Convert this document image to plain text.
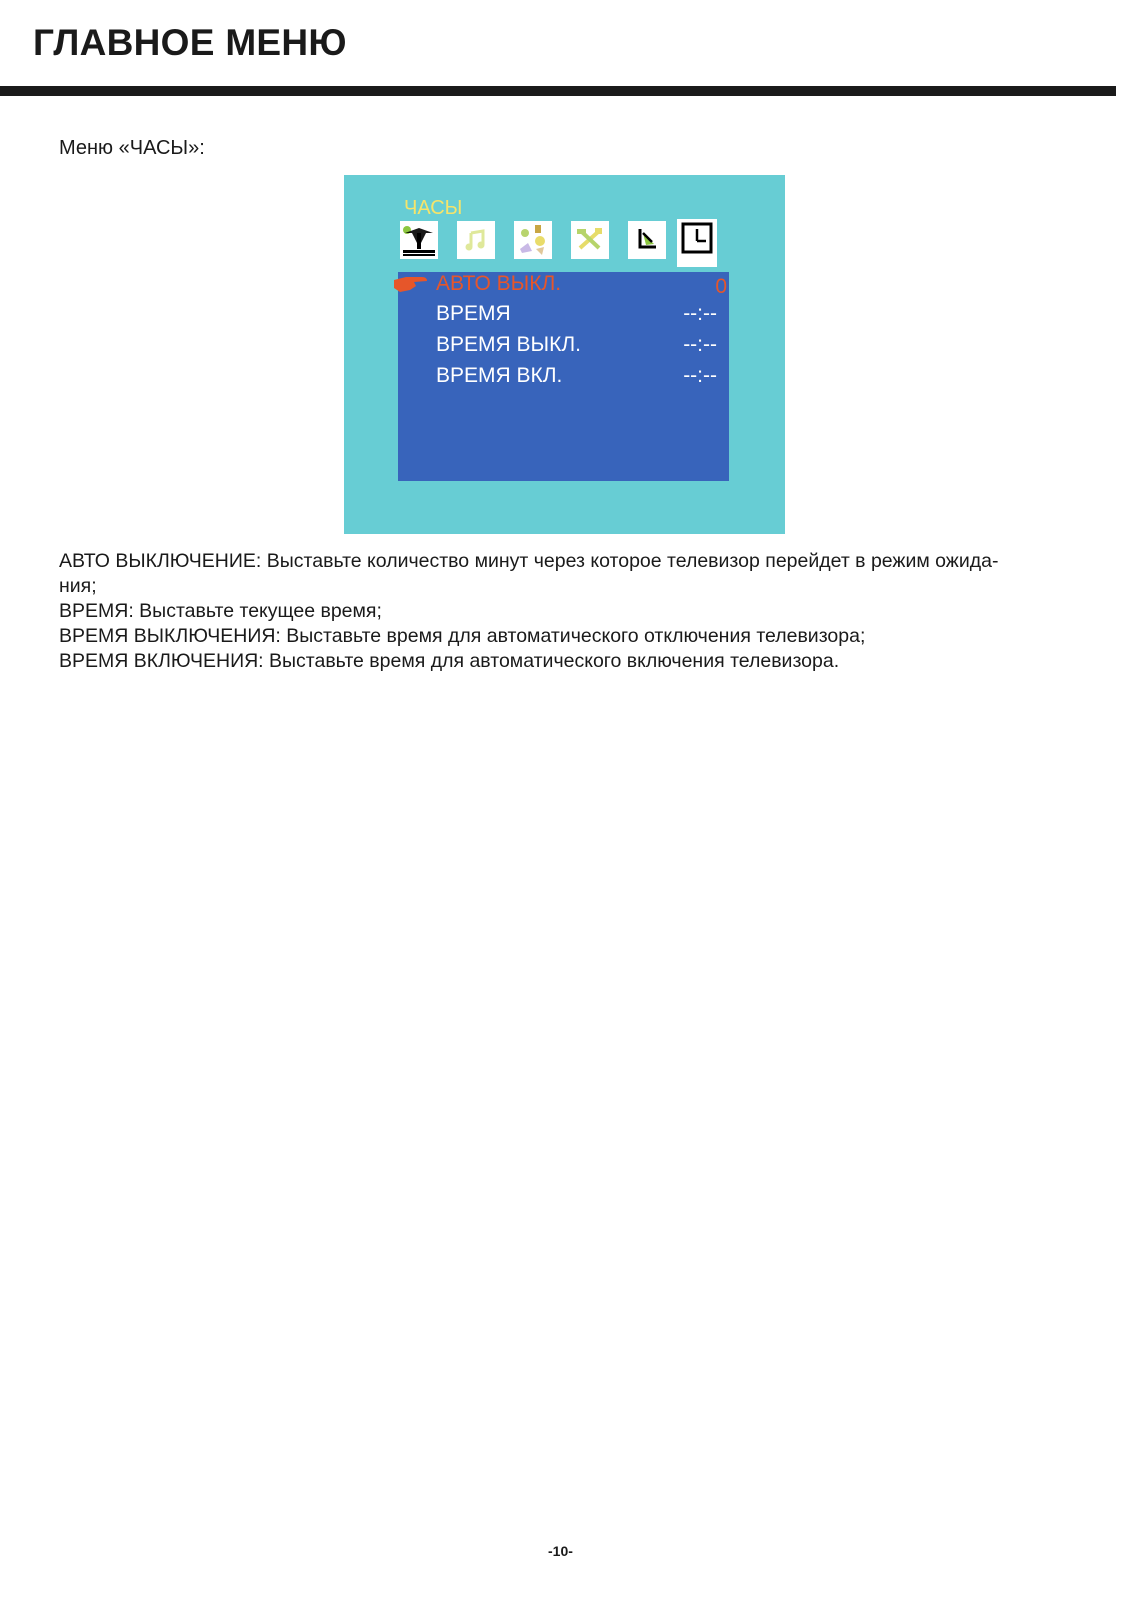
ГЛАВНОЕ МЕНЮ
Меню «ЧАСЫ»:
ЧАСЫ
АВТО ВЫКЛ.	0
ВРЕМЯ	--:--
ВРЕМЯ ВЫКЛ.	--:--
ВРЕМЯ ВКЛ.	--:--
АВТО ВЫКЛЮЧЕНИЕ: Выставьте количество минут через которое телевизор перейдет в режим ожида-
ния;
ВРЕМЯ: Выставьте текущее время;
ВРЕМЯ ВЫКЛЮЧЕНИЯ: Выставьте время для автоматического отключения телевизора;
ВРЕМЯ ВКЛЮЧЕНИЯ: Выставьте время для автоматического включения телевизора.
-10-
